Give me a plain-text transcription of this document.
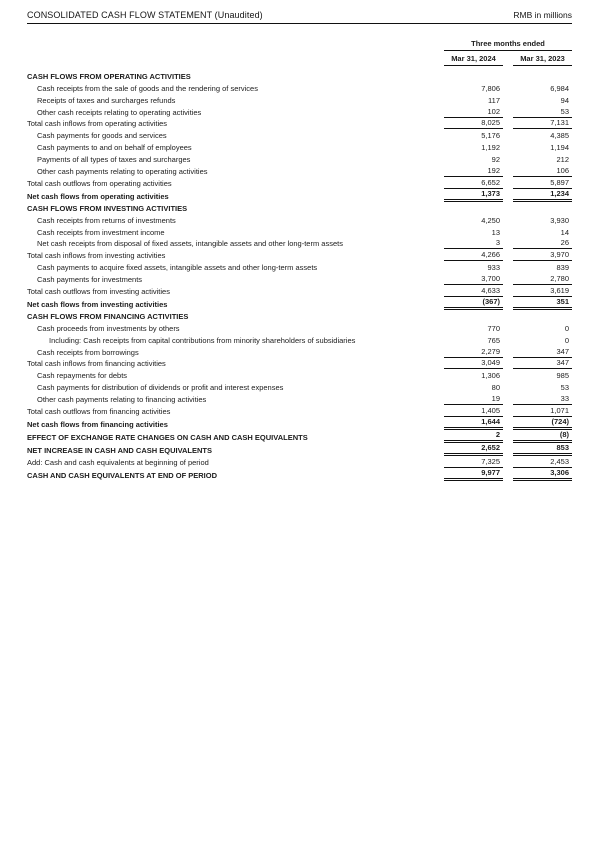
CONSOLIDATED CASH FLOW STATEMENT (Unaudited)	RMB in millions
Three months ended
Mar 31, 2024	Mar 31, 2023
CASH FLOWS FROM OPERATING ACTIVITIES
Cash receipts from the sale of goods and the rendering of services	7,806	6,984
Receipts of taxes and surcharges refunds	117	94
Other cash receipts relating to operating activities	102	53
Total cash inflows from operating activities	8,025	7,131
Cash payments for goods and services	5,176	4,385
Cash payments to and on behalf of employees	1,192	1,194
Payments of all types of taxes and surcharges	92	212
Other cash payments relating to operating activities	192	106
Total cash outflows from operating activities	6,652	5,897
Net cash flows from operating activities	1,373	1,234
CASH FLOWS FROM INVESTING ACTIVITIES
Cash receipts from returns of investments	4,250	3,930
Cash receipts from investment income	13	14
Net cash receipts from disposal of fixed assets, intangible assets and other long-term assets	3	26
Total cash inflows from investing activities	4,266	3,970
Cash payments to acquire fixed assets, intangible assets and other long-term assets	933	839
Cash payments for investments	3,700	2,780
Total cash outflows from investing activities	4,633	3,619
Net cash flows from investing activities	(367)	351
CASH FLOWS FROM FINANCING ACTIVITIES
Cash proceeds from investments by others	770	0
Including: Cash receipts from capital contributions from minority shareholders of subsidiaries	765	0
Cash receipts from borrowings	2,279	347
Total cash inflows from financing activities	3,049	347
Cash repayments for debts	1,306	985
Cash payments for distribution of dividends or profit and interest expenses	80	53
Other cash payments relating to financing activities	19	33
Total cash outflows from financing activities	1,405	1,071
Net cash flows from financing activities	1,644	(724)
EFFECT OF EXCHANGE RATE CHANGES ON CASH AND CASH EQUIVALENTS	2	(8)
NET INCREASE IN CASH AND CASH EQUIVALENTS	2,652	853
Add: Cash and cash equivalents at beginning of period	7,325	2,453
CASH AND CASH EQUIVALENTS AT END OF PERIOD	9,977	3,306
